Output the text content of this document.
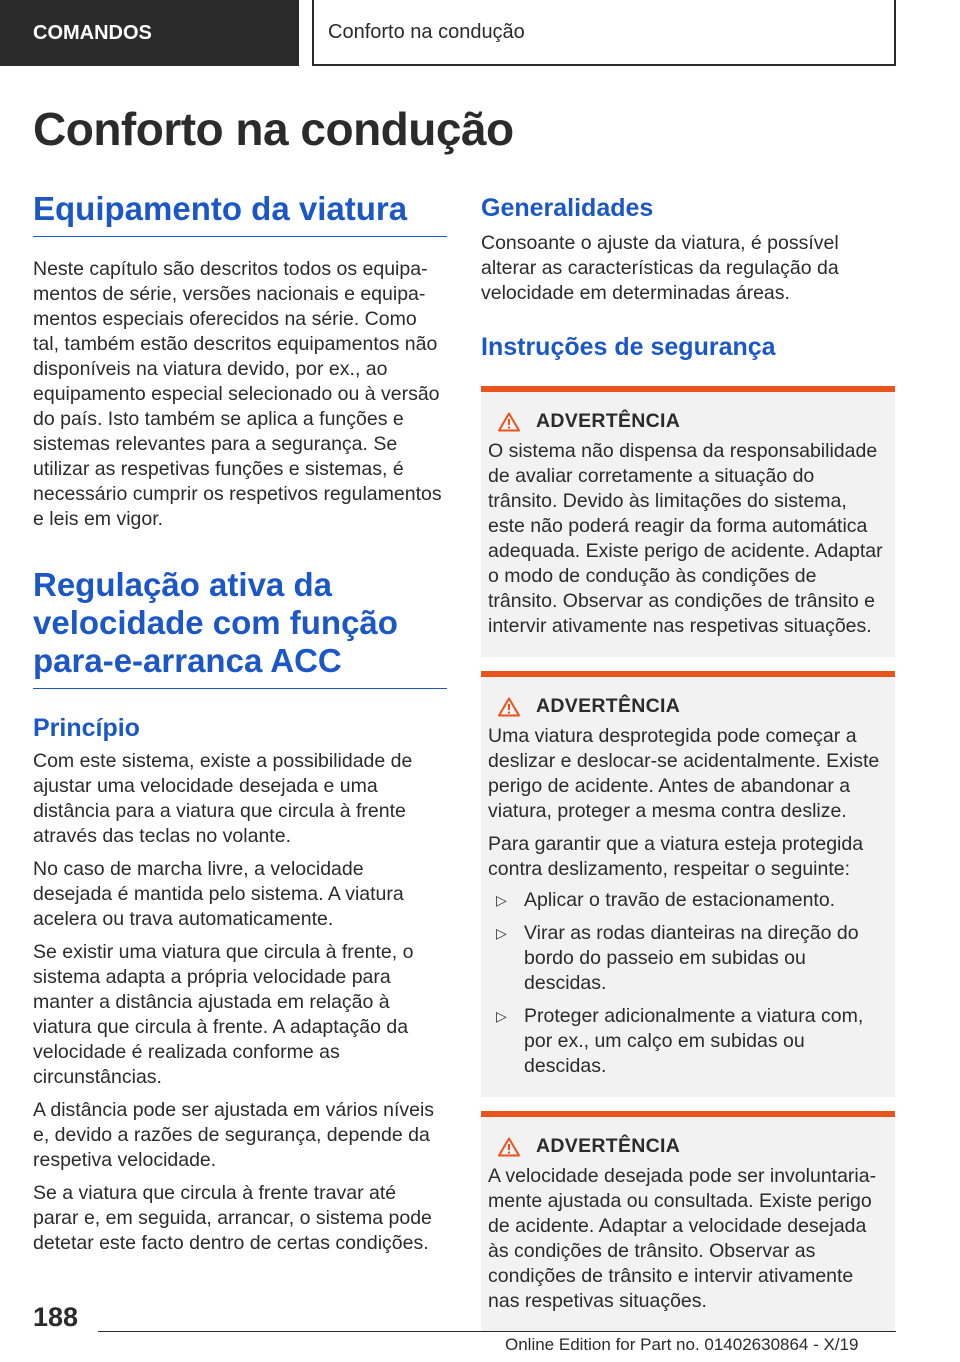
COMANDOS	Conforto na condução
Conforto na condução
Equipamento da viatura

Neste capítulo são descritos todos os equipamentos de série, versões nacionais e equipamentos especiais oferecidos na série. Como tal, também estão descritos equipamentos não disponíveis na viatura devido, por ex., ao equipamento especial selecionado ou à versão do país. Isto também se aplica a funções e sistemas relevantes para a segurança. Se utilizar as respetivas funções e sistemas, é necessário cumprir os respetivos regulamentos e leis em vigor.

Regulação ativa da velocidade com função para-e-arranca ACC
Princípio

Com este sistema, existe a possibilidade de ajustar uma velocidade desejada e uma distância para a viatura que circula à frente através das teclas no volante.

No caso de marcha livre, a velocidade desejada é mantida pelo sistema. A viatura acelera ou trava automaticamente.

Se existir uma viatura que circula à frente, o sistema adapta a própria velocidade para manter a distância ajustada em relação à viatura que circula à frente. A adaptação da velocidade é realizada conforme as circunstâncias.

A distância pode ser ajustada em vários níveis e, devido a razões de segurança, depende da respetiva velocidade.

Se a viatura que circula à frente travar até parar e, em seguida, arrancar, o sistema pode detetar este facto dentro de certas condições.

Generalidades

Consoante o ajuste da viatura, é possível alterar as características da regulação da velocidade em determinadas áreas.

Instruções de segurança
ADVERTÊNCIA

O sistema não dispensa da responsabilidade de avaliar corretamente a situação do trânsito. Devido às limitações do sistema, este não poderá reagir da forma automática adequada. Existe perigo de acidente. Adaptar o modo de condução às condições de trânsito. Observar as condições de trânsito e intervir ativamente nas respetivas situações.

ADVERTÊNCIA

Uma viatura desprotegida pode começar a deslizar e deslocar-se acidentalmente. Existe perigo de acidente. Antes de abandonar a viatura, proteger a mesma contra deslize.

Para garantir que a viatura esteja protegida contra deslizamento, respeitar o seguinte:

▷ Aplicar o travão de estacionamento.
▷ Virar as rodas dianteiras na direção do bordo do passeio em subidas ou descidas.
▷ Proteger adicionalmente a viatura com, por ex., um calço em subidas ou descidas.
ADVERTÊNCIA

A velocidade desejada pode ser involuntariamente ajustada ou consultada. Existe perigo de acidente. Adaptar a velocidade desejada às condições de trânsito. Observar as condições de trânsito e intervir ativamente nas respetivas situações.

188
Online Edition for Part no. 01402630864 - X/19
